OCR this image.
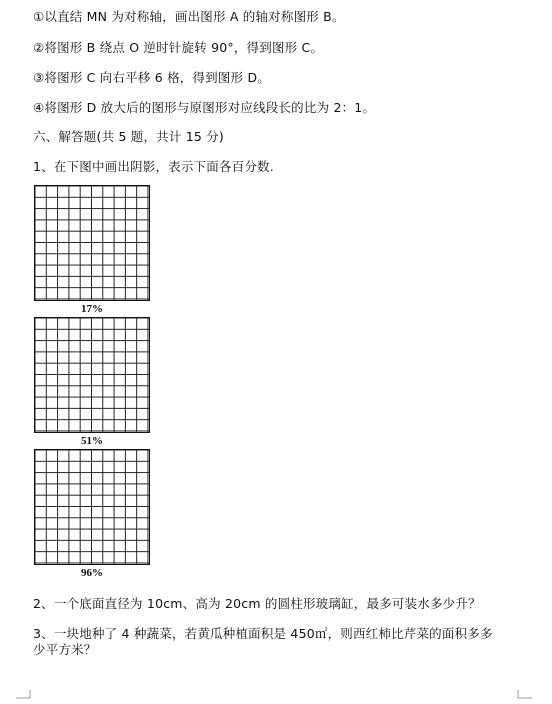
①以直结 MN 为对称轴，画出图形 A 的轴对称图形 B。
②将图形 B 绕点 O 逆时针旋转 90°，得到图形 C。
③将图形 C 向右平移 6 格，得到图形 D。
④将图形 D 放大后的图形与原图形对应线段长的比为 2：1。
六、解答题(共 5 题，共计 15 分)
1、在下图中画出阴影，表示下面各百分数.
17%
51%
96%
2、一个底面直径为 10cm、高为 20cm 的圆柱形玻璃缸，最多可装水多少升？
3、一块地种了 4 种蔬菜，若黄瓜种植面积是 450㎡，则西红柿比芹菜的面积多多
少平方米？
